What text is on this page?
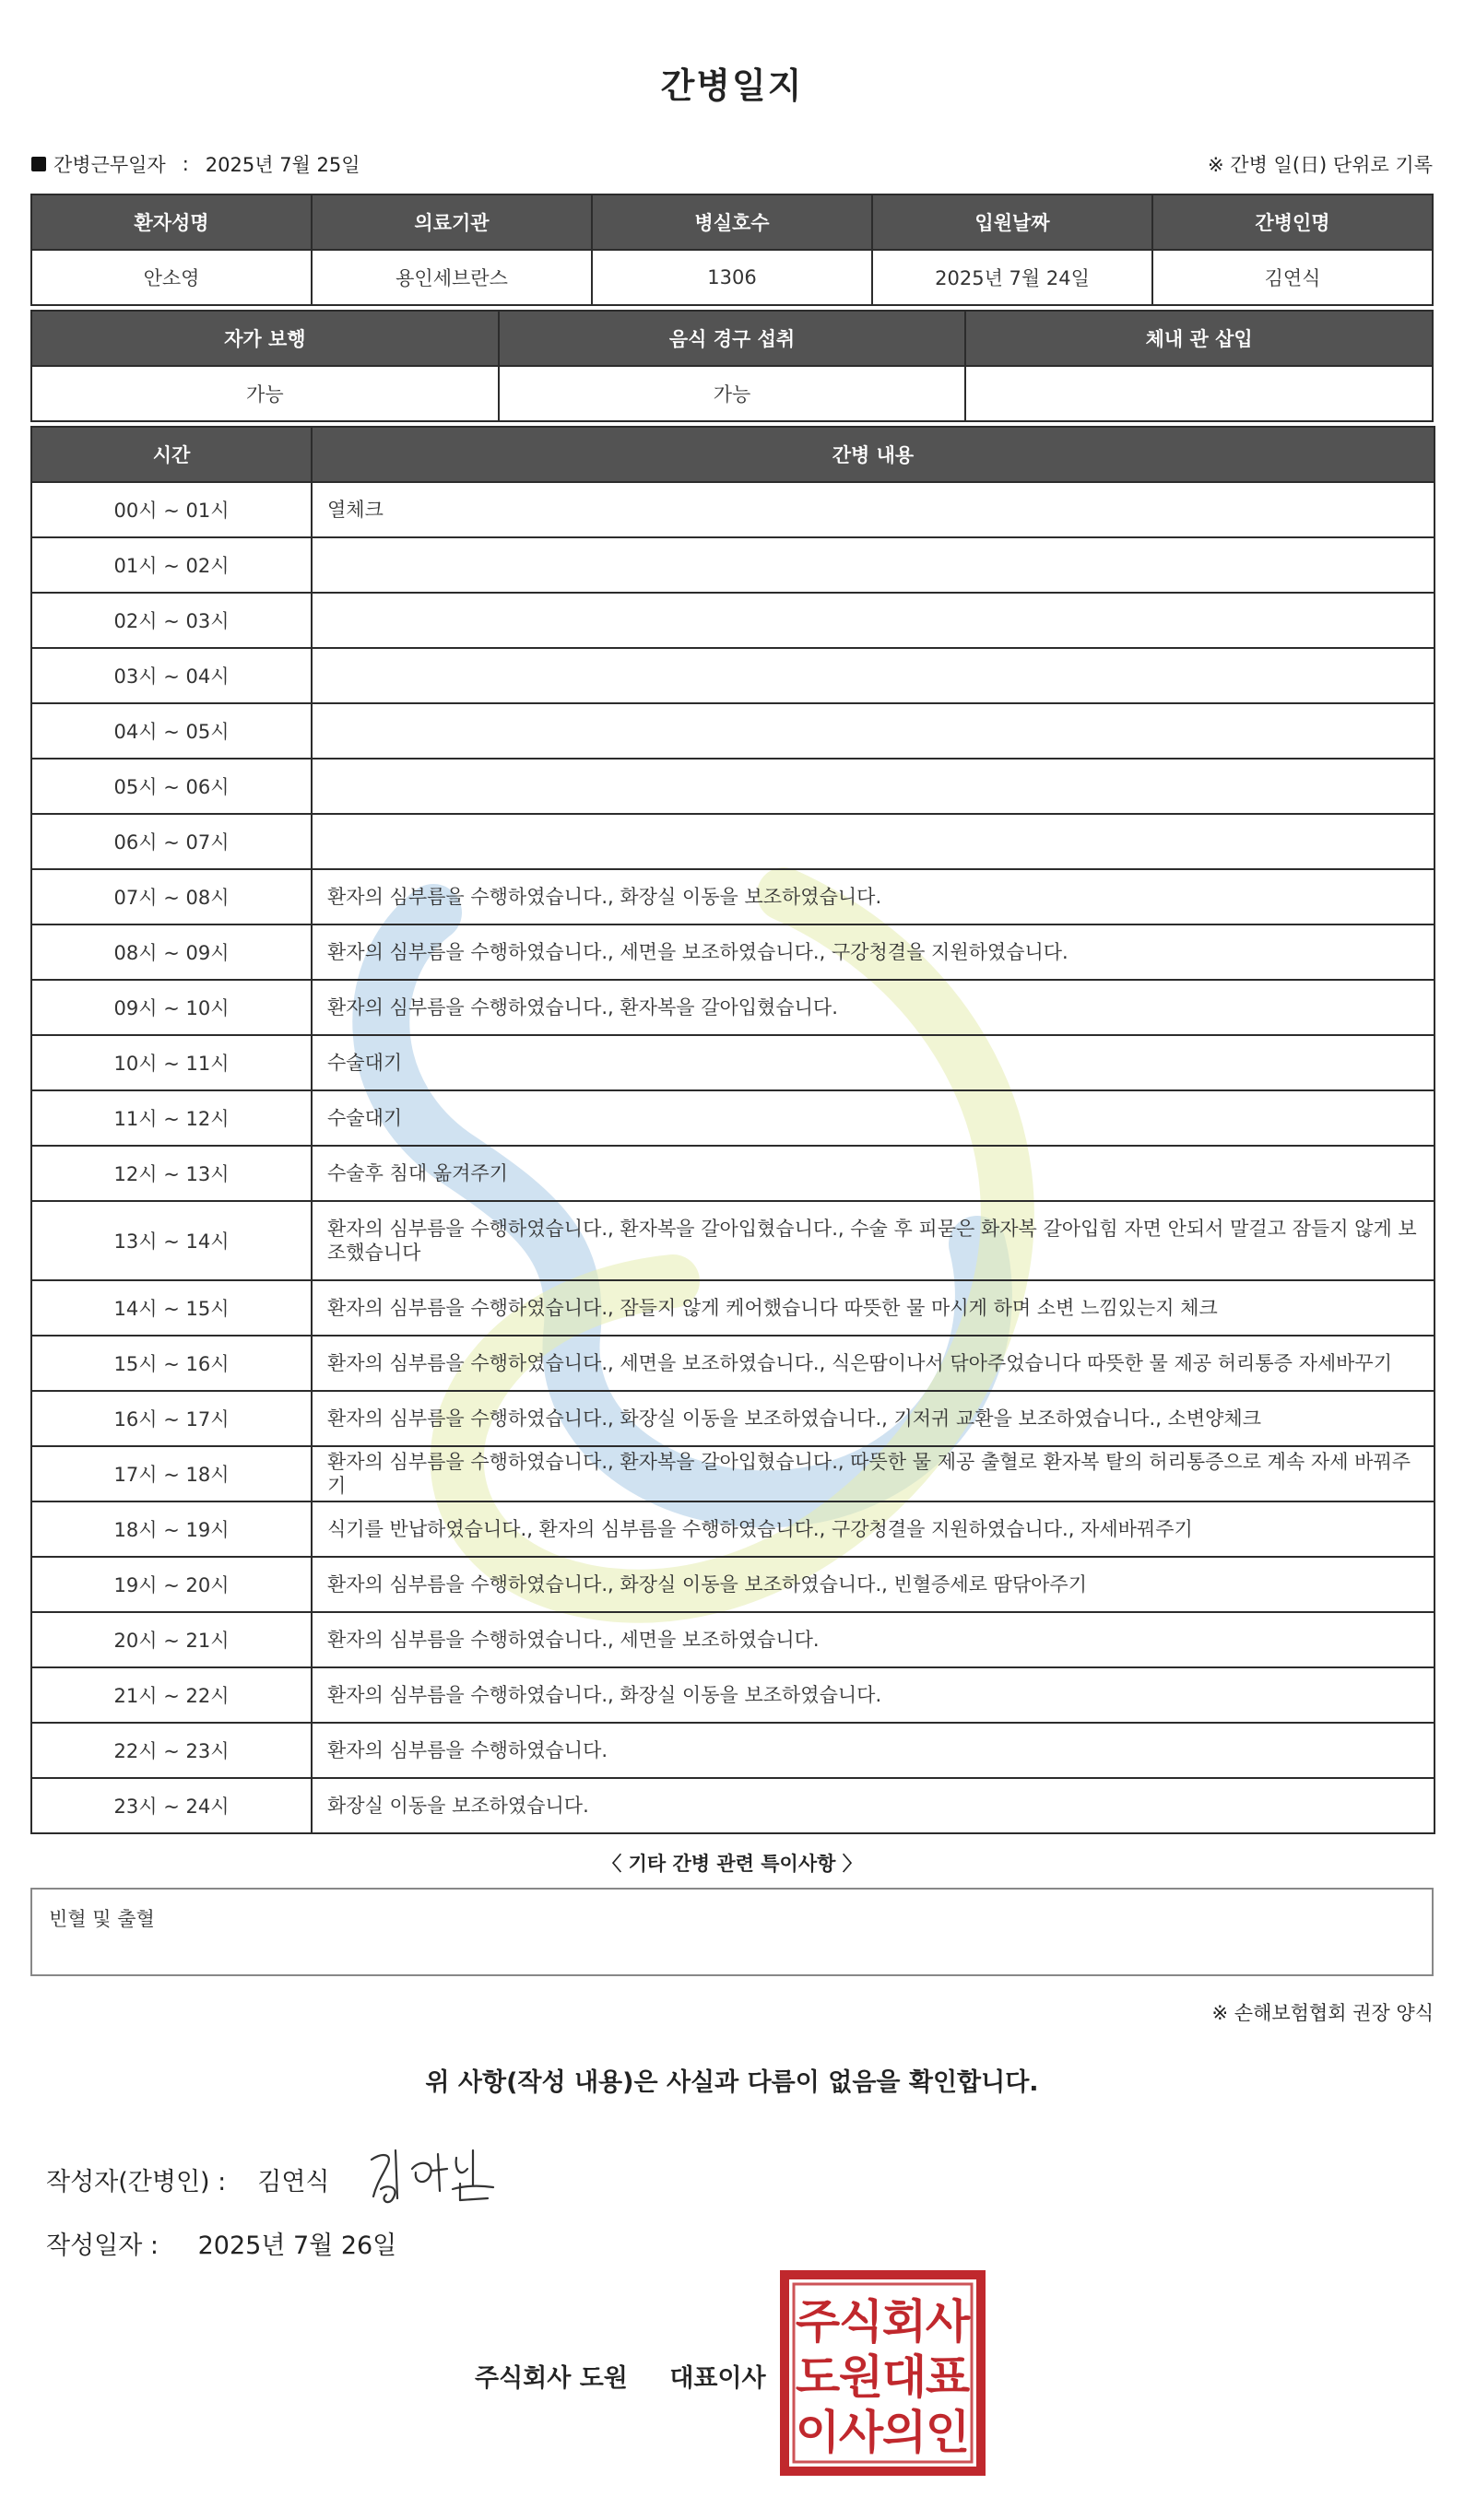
간병일지
간병근무일자 : 2025년 7월 25일	※ 간병 일(日) 단위로 기록
환자성명	의료기관	병실호수	입원날짜	간병인명
안소영	용인세브란스	1306	2025년 7월 24일	김연식
자가 보행	음식 경구 섭취	체내 관 삽입
가능	가능	
시간	간병 내용
00시 ~ 01시	열체크
01시 ~ 02시	
02시 ~ 03시	
03시 ~ 04시	
04시 ~ 05시	
05시 ~ 06시	
06시 ~ 07시	
07시 ~ 08시	환자의 심부름을 수행하였습니다., 화장실 이동을 보조하였습니다.
08시 ~ 09시	환자의 심부름을 수행하였습니다., 세면을 보조하였습니다., 구강청결을 지원하였습니다.
09시 ~ 10시	환자의 심부름을 수행하였습니다., 환자복을 갈아입혔습니다.
10시 ~ 11시	수술대기
11시 ~ 12시	수술대기
12시 ~ 13시	수술후 침대 옮겨주기
13시 ~ 14시	환자의 심부름을 수행하였습니다., 환자복을 갈아입혔습니다., 수술 후 피묻은 화자복 갈아입힘 자면 안되서 말걸고 잠들지 않게 보조했습니다
14시 ~ 15시	환자의 심부름을 수행하였습니다., 잠들지 않게 케어했습니다 따뜻한 물 마시게 하며 소변 느낌있는지 체크
15시 ~ 16시	환자의 심부름을 수행하였습니다., 세면을 보조하였습니다., 식은땀이나서 닦아주었습니다 따뜻한 물 제공 허리통증 자세바꾸기
16시 ~ 17시	환자의 심부름을 수행하였습니다., 화장실 이동을 보조하였습니다., 기저귀 교환을 보조하였습니다., 소변양체크
17시 ~ 18시	환자의 심부름을 수행하였습니다., 환자복을 갈아입혔습니다., 따뜻한 물 제공 출혈로 환자복 탈의 허리통증으로 계속 자세 바꿔주기
18시 ~ 19시	식기를 반납하였습니다., 환자의 심부름을 수행하였습니다., 구강청결을 지원하였습니다., 자세바꿔주기
19시 ~ 20시	환자의 심부름을 수행하였습니다., 화장실 이동을 보조하였습니다., 빈혈증세로 땀닦아주기
20시 ~ 21시	환자의 심부름을 수행하였습니다., 세면을 보조하였습니다.
21시 ~ 22시	환자의 심부름을 수행하였습니다., 화장실 이동을 보조하였습니다.
22시 ~ 23시	환자의 심부름을 수행하였습니다.
23시 ~ 24시	화장실 이동을 보조하였습니다.
〈 기타 간병 관련 특이사항 〉
빈혈 및 출혈
※ 손해보험협회 권장 양식
위 사항(작성 내용)은 사실과 다름이 없음을 확인합니다.
작성자(간병인) : 김연식
작성일자 : 2025년 7월 26일
주식회사 도원 대표이사
주
식
회
사
도
원
대
표
이
사
의
인
